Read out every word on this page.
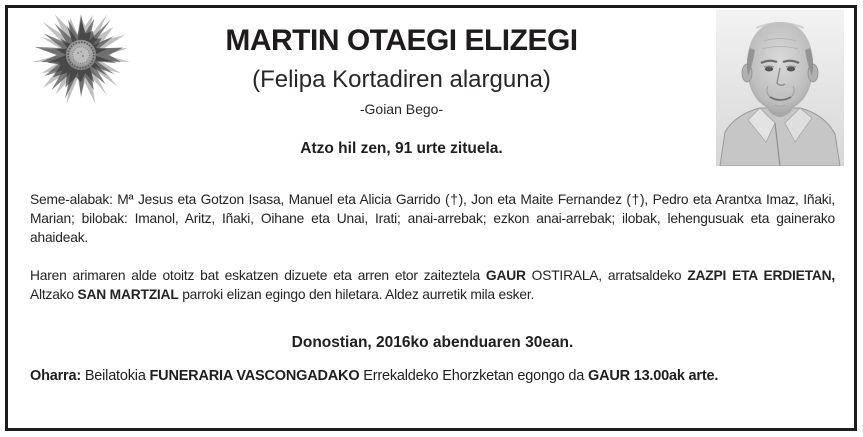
MARTIN OTAEGI ELIZEGI
(Felipa Kortadiren alarguna)
-Goian Bego-
Atzo hil zen, 91 urte zituela.
Seme-alabak: Mª Jesus eta Gotzon Isasa, Manuel eta Alicia Garrido (†), Jon eta Maite Fernandez (†), Pedro eta Arantxa Imaz, Iñaki, Marian; bilobak: Imanol, Aritz, Iñaki, Oihane eta Unai, Irati; anai-arrebak; ezkon anai-arrebak; ilobak, lehengusuak eta gainerako ahaideak.
Haren arimaren alde otoitz bat eskatzen dizuete eta arren etor zaiteztela GAUR OSTIRALA, arratsaldeko ZAZPI ETA ERDIETAN, Altzako SAN MARTZIAL parroki elizan egingo den hiletara. Aldez aurretik mila esker.
Donostian, 2016ko abenduaren 30ean.
Oharra: Beilatokia FUNERARIA VASCONGADAKO Errekaldeko Ehorzketan egongo da GAUR 13.00ak arte.
